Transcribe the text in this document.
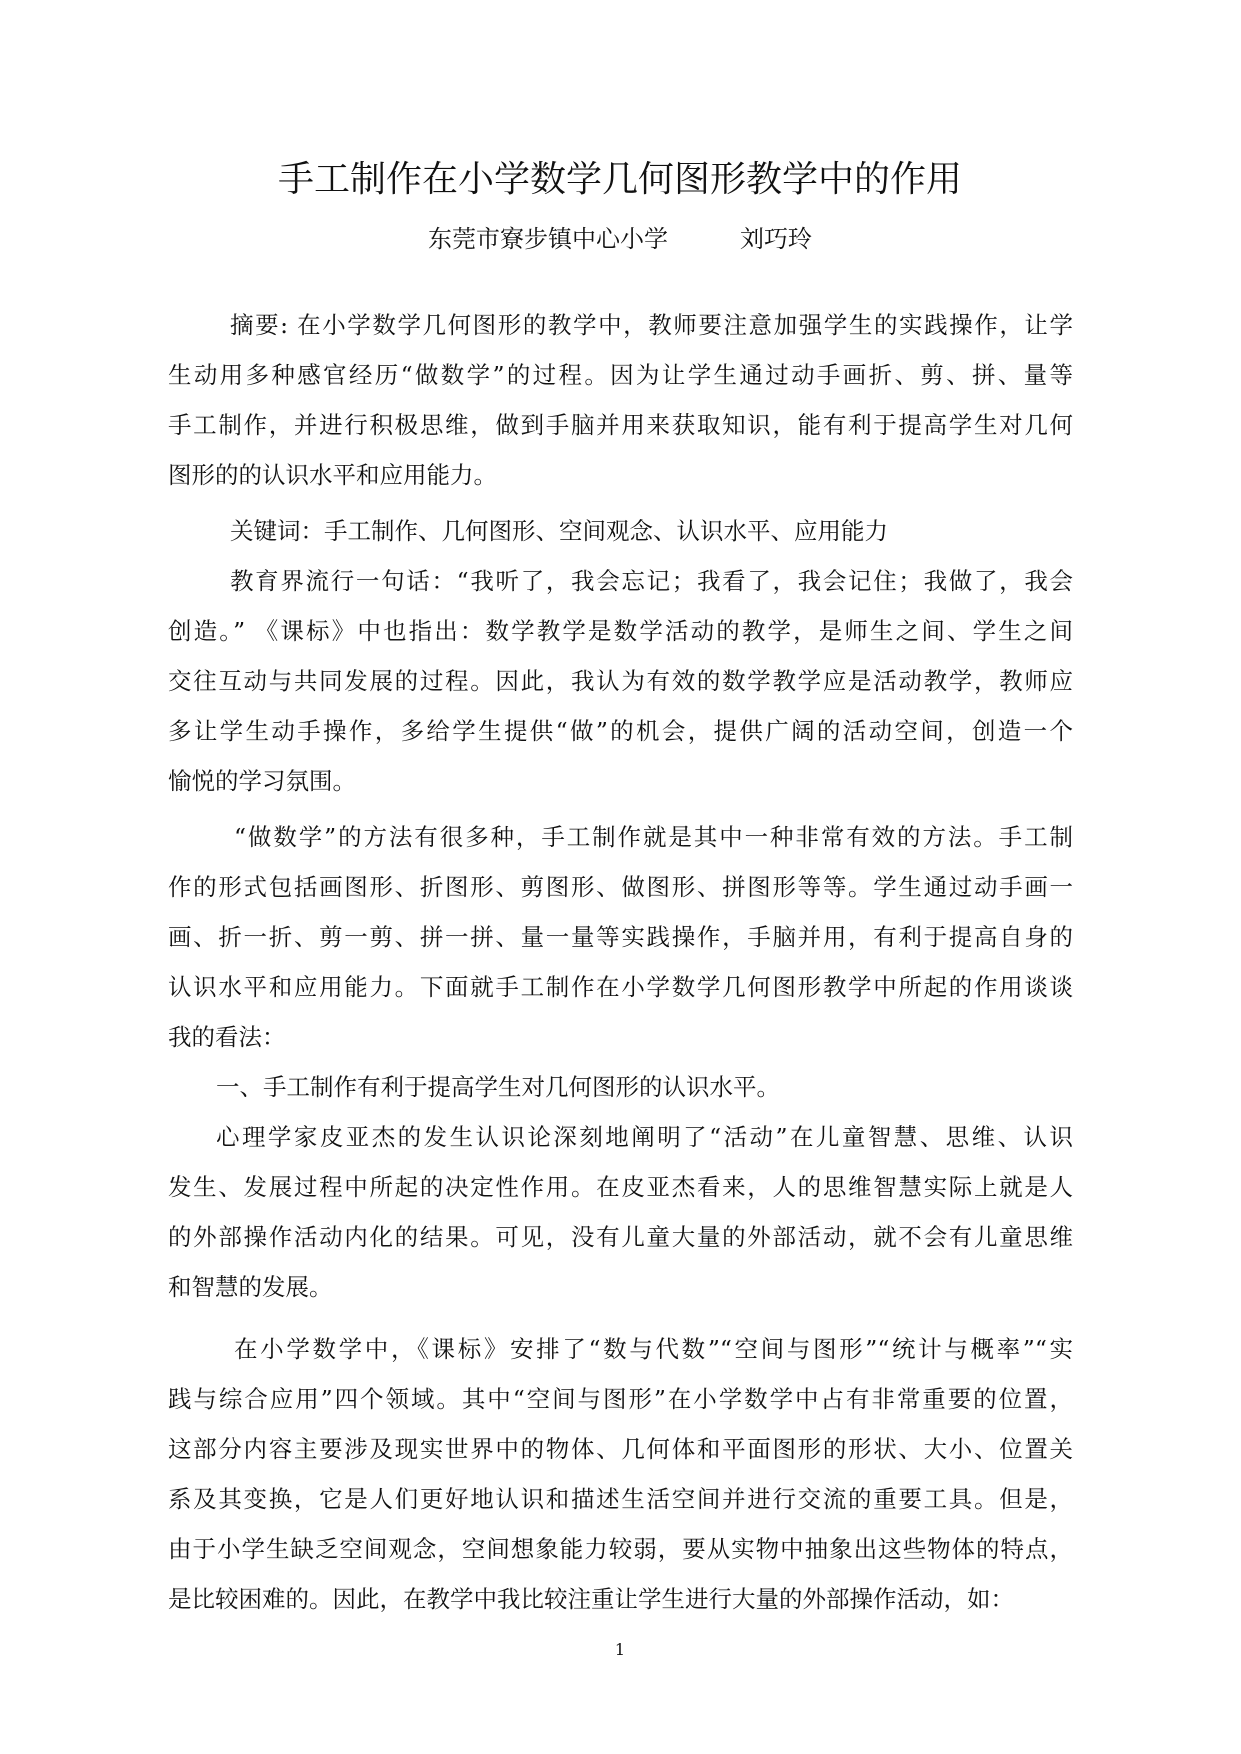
手工制作在小学数学几何图形教学中的作用
东莞市寮步镇中心小学	刘巧玲
摘要: 在小学数学几何图形的教学中，教师要注意加强学生的实践操作，让学
生动用多种感官经历“做数学”的过程。因为让学生通过动手画折、剪、拼、量等
手工制作，并进行积极思维，做到手脑并用来获取知识，能有利于提高学生对几何
图形的的认识水平和应用能力。
关键词：手工制作、几何图形、空间观念、认识水平、应用能力
教育界流行一句话：“我听了，我会忘记；我看了，我会记住；我做了，我会
创造。” 《课标》中也指出：数学教学是数学活动的教学，是师生之间、学生之间
交往互动与共同发展的过程。因此，我认为有效的数学教学应是活动教学，教师应
多让学生动手操作，多给学生提供“做”的机会，提供广阔的活动空间，创造一个
愉悦的学习氛围。
“做数学”的方法有很多种，手工制作就是其中一种非常有效的方法。手工制
作的形式包括画图形、折图形、剪图形、做图形、拼图形等等。学生通过动手画一
画、折一折、剪一剪、拼一拼、量一量等实践操作，手脑并用，有利于提高自身的
认识水平和应用能力。下面就手工制作在小学数学几何图形教学中所起的作用谈谈
我的看法：
一、手工制作有利于提高学生对几何图形的认识水平。
心理学家皮亚杰的发生认识论深刻地阐明了“活动”在儿童智慧、思维、认识
发生、发展过程中所起的决定性作用。在皮亚杰看来，人的思维智慧实际上就是人
的外部操作活动内化的结果。可见，没有儿童大量的外部活动，就不会有儿童思维
和智慧的发展。
在小学数学中，《课标》安排了“数与代数”“空间与图形”“统计与概率”“实
践与综合应用”四个领域。其中“空间与图形”在小学数学中占有非常重要的位置，
这部分内容主要涉及现实世界中的物体、几何体和平面图形的形状、大小、位置关
系及其变换，它是人们更好地认识和描述生活空间并进行交流的重要工具。但是，
由于小学生缺乏空间观念，空间想象能力较弱，要从实物中抽象出这些物体的特点，
是比较困难的。因此，在教学中我比较注重让学生进行大量的外部操作活动，如：
1
